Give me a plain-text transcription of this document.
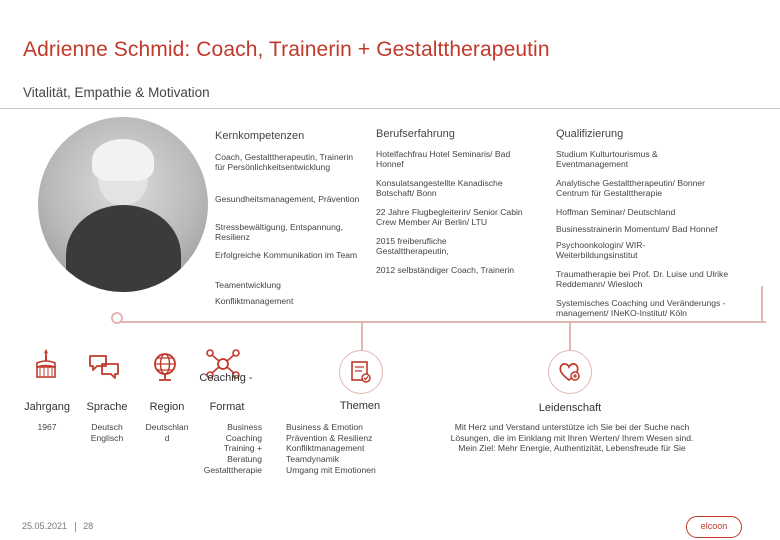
Adrienne Schmid: Coach, Trainerin + Gestalttherapeutin
Vitalität, Empathie & Motivation
Kernkompetenzen
Coach, Gestalttherapeutin, Trainerin
für Persönlichkeitsentwicklung
Gesundheitsmanagement, Prävention
Stressbewältigung, Entspannung, Resilienz
Erfolgreiche Kommunikation im Team
Teamentwicklung
Konfliktmanagement
Berufserfahrung
Hotelfachfrau Hotel Seminaris/ Bad Honnef
Konsulatsangestellte Kanadische Botschaft/ Bonn
22 Jahre Flugbegleiterin/ Senior Cabin Crew Member Air Berlin/ LTU
2015 freiberufliche Gestalttherapeutin,
2012 selbständiger Coach, Trainerin
Qualifizierung
Studium Kulturtourismus & Eventmanagement
Analytische Gestalttherapeutin/ Bonner Centrum für Gestalttherapie
Hoffman Seminar/ Deutschland
Businesstrainerin Momentum/ Bad Honnef
Psychoonkologin/ WIR-Weiterbildungsinstitut
Traumatherapie bei Prof. Dr. Luise und Ulrike Reddemann/ Wiesloch
Systemisches Coaching und Veränderungs -management/ INeKO-Institut/ Köln
Jahrgang
1967
Sprache
Deutsch Englisch
Region
Deutschlan d
Coaching -
Format
Business Coaching Training + Beratung Gestalttherapie
Themen
Business & Emotion
Prävention & Resilienz
Konfliktmanagement
Teamdynamik
Umgang mit Emotionen
Leidenschaft
Mit Herz und Verstand unterstütze ich Sie bei der Suche nach Lösungen, die im Einklang mit Ihren Werten/ Ihrem Wesen sind. Mein Ziel: Mehr Energie, Authentizität, Lebensfreude für Sie
25.05.2021 28	elcoon
